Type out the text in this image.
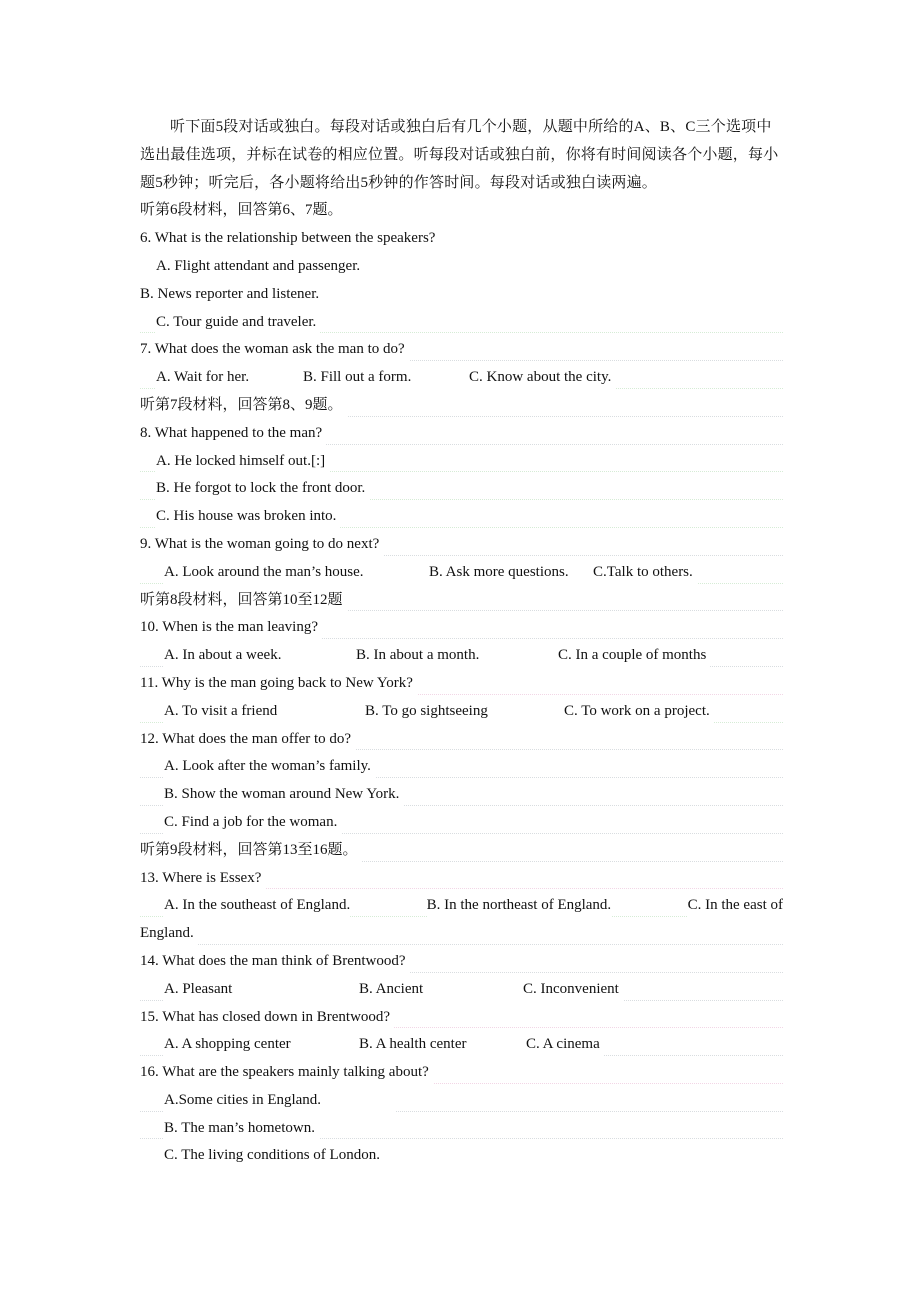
听下面5段对话或独白。每段对话或独白后有几个小题，从题中所给的A、B、C三个选项中选出最佳选项，并标在试卷的相应位置。听每段对话或独白前，你将有时间阅读各个小题，每小题5秒钟；听完后，各小题将给出5秒钟的作答时间。每段对话或独白读两遍。
听第6段材料，回答第6、7题。
6. What is the relationship between the speakers?
A. Flight attendant and passenger.
B. News reporter and listener.
C. Tour guide and traveler.
7. What does the woman ask the man to do?
A. Wait for her.	B. Fill out a form.	C. Know about the city.
听第7段材料，回答第8、9题。
8. What happened to the man?
A. He locked himself out.[:]
B. He forgot to lock the front door.
C. His house was broken into.
9. What is the woman going to do next?
A. Look around the man’s house.	B. Ask more questions.	C.Talk to others.
听第8段材料，回答第10至12题
10. When is the man leaving?
A. In about a week.	B. In about a month.	C. In a couple of months
11. Why is the man going back to New York?
A. To visit a friend	B. To go sightseeing	C. To work on a project.
12. What does the man offer to do?
A. Look after the woman’s family.
B. Show the woman around New York.
C. Find a job for the woman.
听第9段材料，回答第13至16题。
13. Where is Essex?
A. In the southeast of England.	B. In the northeast of England.	C. In the east of
England.
14. What does the man think of Brentwood?
A. Pleasant	B. Ancient	C. Inconvenient
15. What has closed down in Brentwood?
A. A shopping center	B. A health center	C. A cinema
16. What are the speakers mainly talking about?
A.Some cities in England.
B. The man’s hometown.
C. The living conditions of London.
